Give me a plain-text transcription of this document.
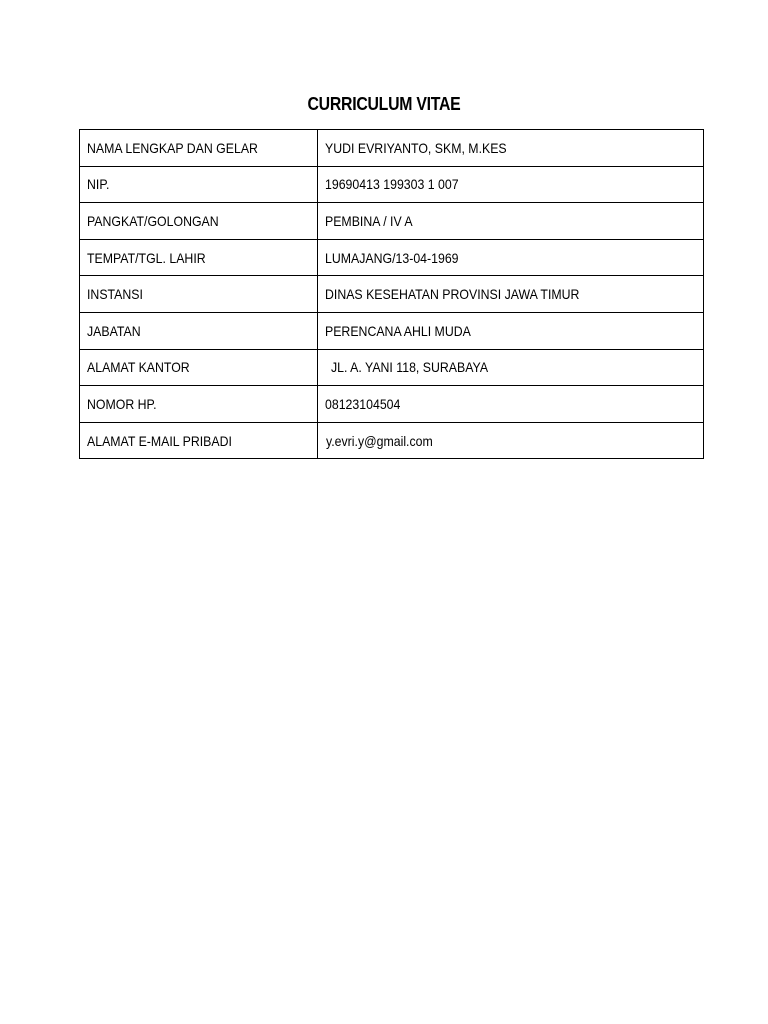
CURRICULUM VITAE
NAMA LENGKAP DAN GELAR	YUDI EVRIYANTO, SKM, M.KES
NIP.	19690413 199303 1 007
PANGKAT/GOLONGAN	PEMBINA / IV A
TEMPAT/TGL. LAHIR	LUMAJANG/13-04-1969
INSTANSI	DINAS KESEHATAN PROVINSI JAWA TIMUR
JABATAN	PERENCANA AHLI MUDA
ALAMAT KANTOR	JL. A. YANI 118, SURABAYA
NOMOR HP.	08123104504
ALAMAT E-MAIL PRIBADI	y.evri.y@gmail.com
